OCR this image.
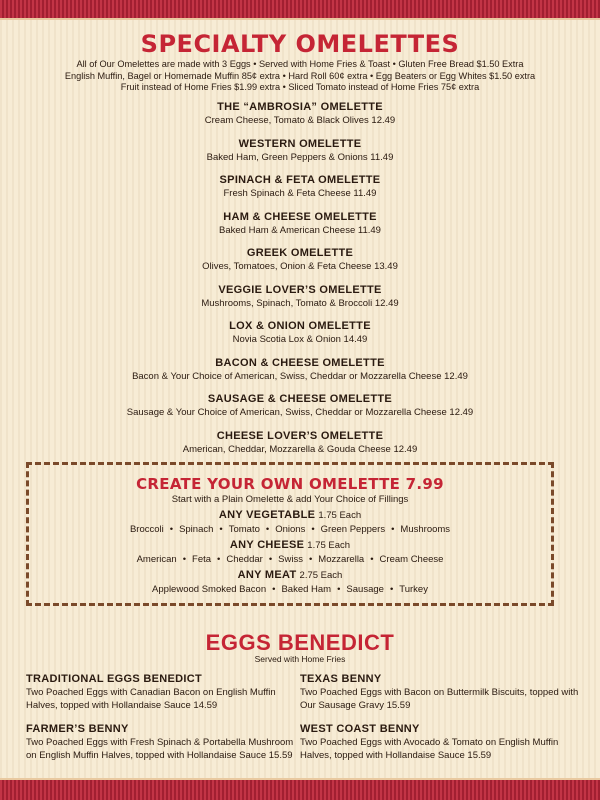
SPECIALTY OMELETTES
All of Our Omelettes are made with 3 Eggs • Served with Home Fries & Toast • Gluten Free Bread $1.50 Extra
English Muffin, Bagel or Homemade Muffin 85¢ extra • Hard Roll 60¢ extra • Egg Beaters or Egg Whites $1.50 extra
Fruit instead of Home Fries $1.99 extra • Sliced Tomato instead of Home Fries 75¢ extra
THE “AMBROSIA” OMELETTE
Cream Cheese, Tomato & Black Olives 12.49
WESTERN OMELETTE
Baked Ham, Green Peppers & Onions 11.49
SPINACH & FETA OMELETTE
Fresh Spinach & Feta Cheese 11.49
HAM & CHEESE OMELETTE
Baked Ham & American Cheese 11.49
GREEK OMELETTE
Olives, Tomatoes, Onion & Feta Cheese 13.49
VEGGIE LOVER’S OMELETTE
Mushrooms, Spinach, Tomato & Broccoli 12.49
LOX & ONION OMELETTE
Novia Scotia Lox & Onion 14.49
BACON & CHEESE OMELETTE
Bacon & Your Choice of American, Swiss, Cheddar or Mozzarella Cheese 12.49
SAUSAGE & CHEESE OMELETTE
Sausage & Your Choice of American, Swiss, Cheddar or Mozzarella Cheese 12.49
CHEESE LOVER’S OMELETTE
American, Cheddar, Mozzarella & Gouda Cheese 12.49
CREATE YOUR OWN OMELETTE 7.99
Start with a Plain Omelette & add Your Choice of Fillings
ANY VEGETABLE 1.75 Each
Broccoli • Spinach • Tomato • Onions • Green Peppers • Mushrooms
ANY CHEESE 1.75 Each
American • Feta • Cheddar • Swiss • Mozzarella • Cream Cheese
ANY MEAT 2.75 Each
Applewood Smoked Bacon • Baked Ham • Sausage • Turkey
EGGS BENEDICT
Served with Home Fries
TRADITIONAL EGGS BENEDICT
Two Poached Eggs with Canadian Bacon on English Muffin Halves, topped with Hollandaise Sauce 14.59
TEXAS BENNY
Two Poached Eggs with Bacon on Buttermilk Biscuits, topped with Our Sausage Gravy 15.59
FARMER’S BENNY
Two Poached Eggs with Fresh Spinach & Portabella Mushroom on English Muffin Halves, topped with Hollandaise Sauce 15.59
WEST COAST BENNY
Two Poached Eggs with Avocado & Tomato on English Muffin Halves, topped with Hollandaise Sauce 15.59
